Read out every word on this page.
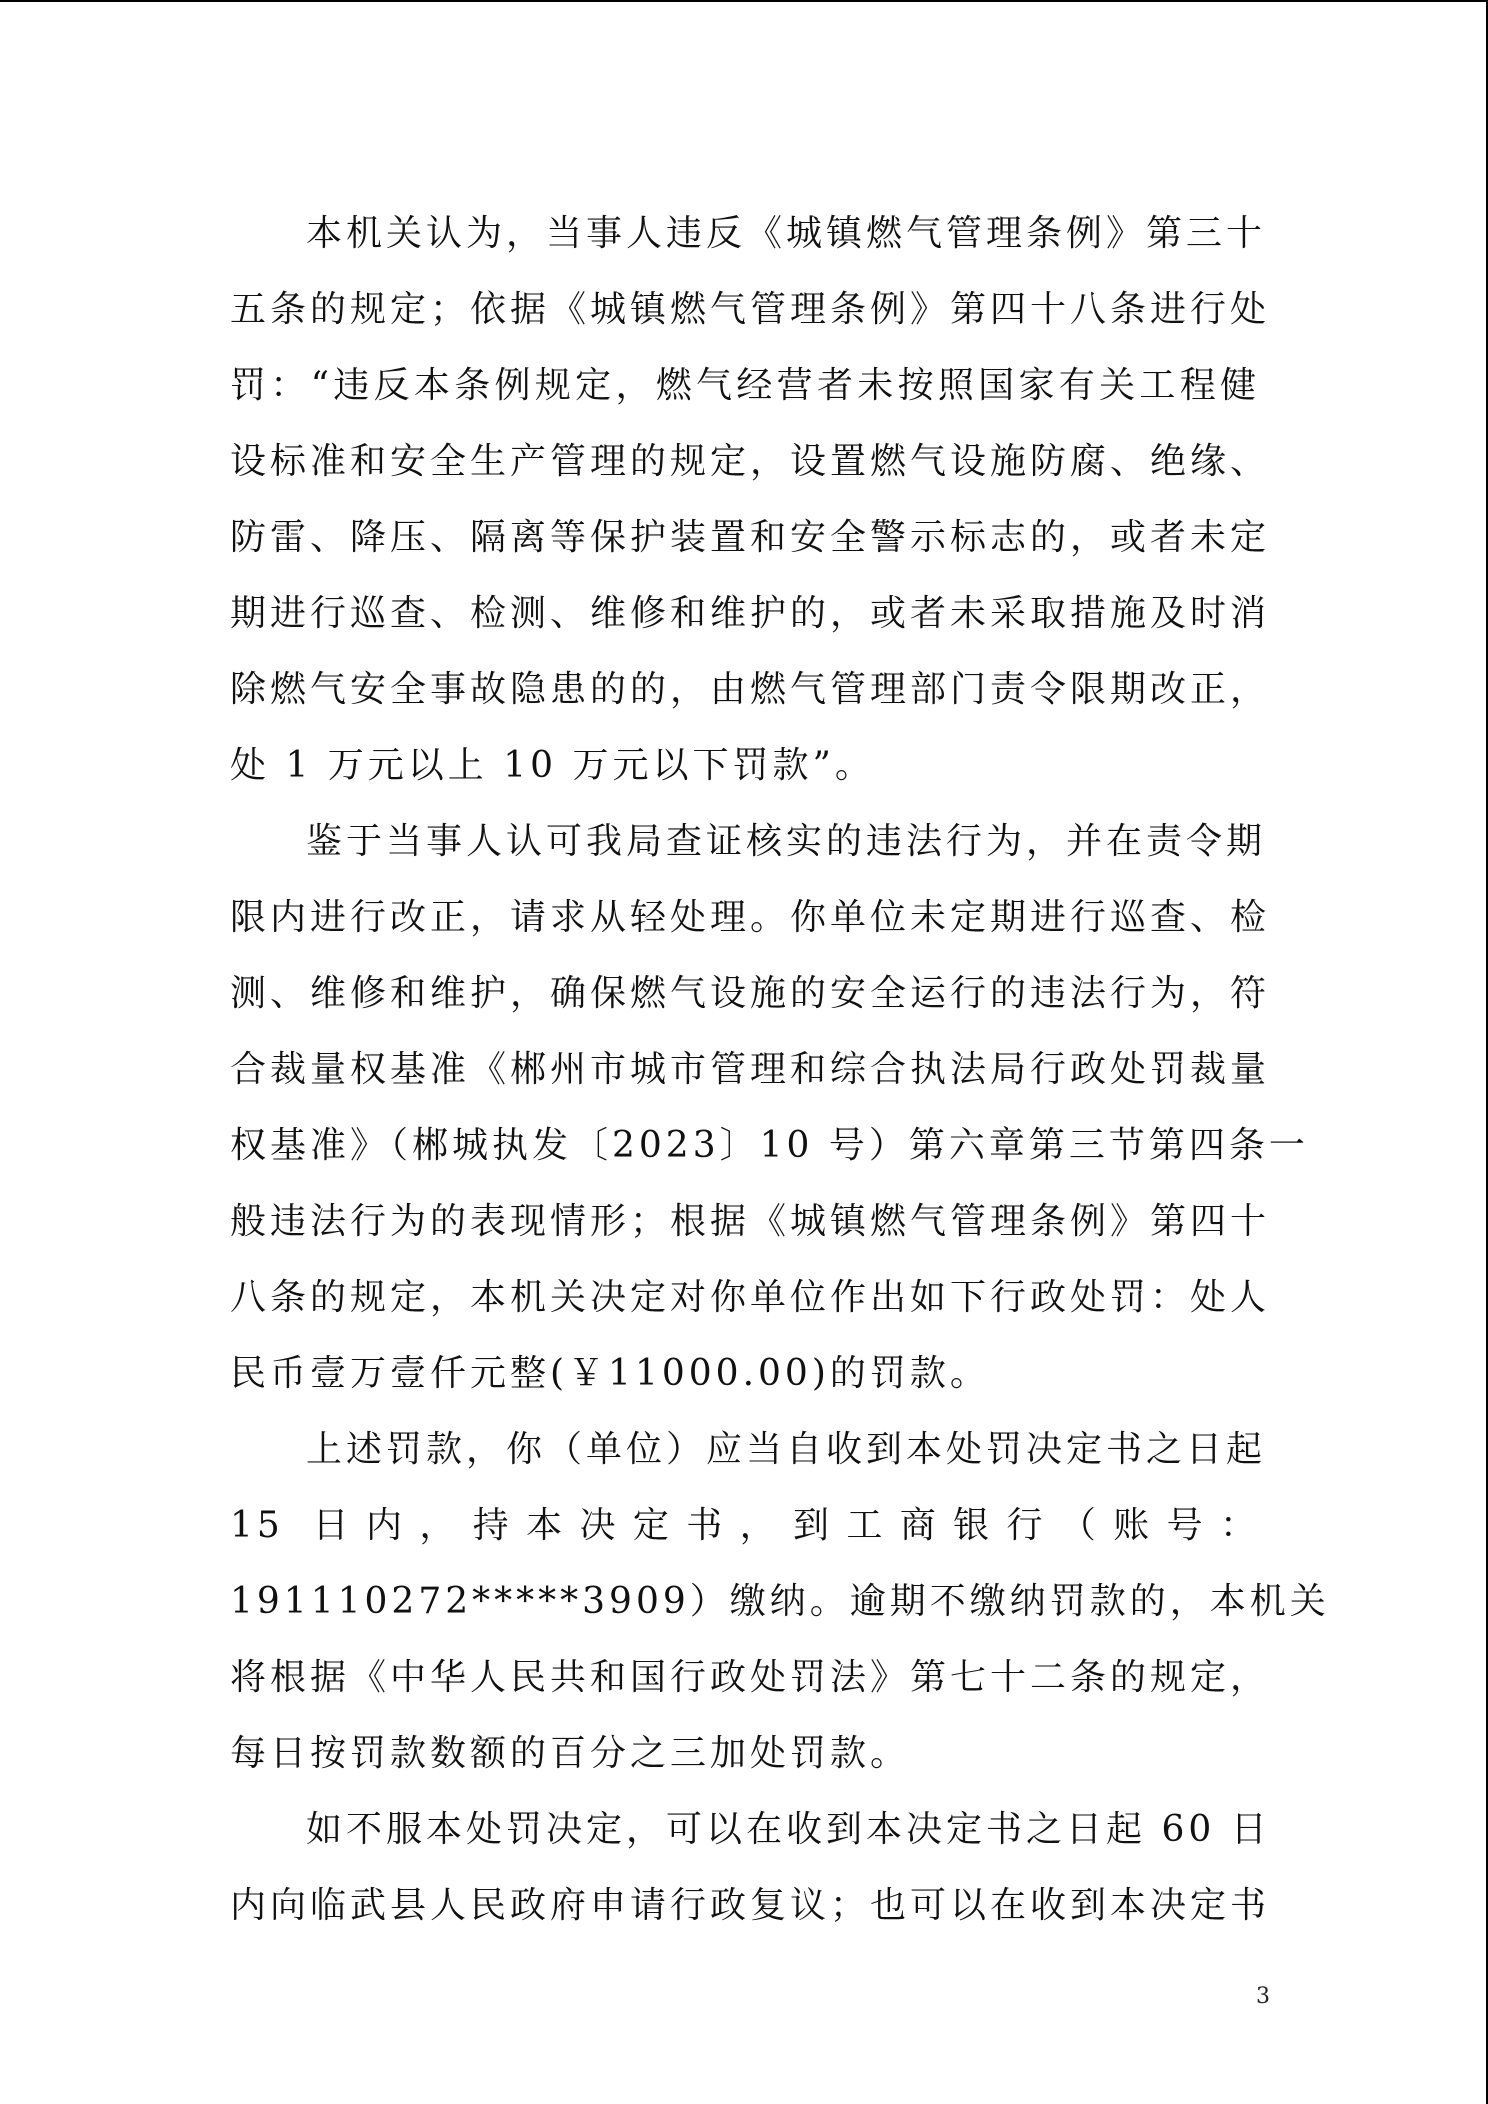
本机关认为，当事人违反《城镇燃气管理条例》第三十
五条的规定；依据《城镇燃气管理条例》第四十八条进行处
罚：“违反本条例规定，燃气经营者未按照国家有关工程健
设标准和安全生产管理的规定，设置燃气设施防腐、绝缘、
防雷、降压、隔离等保护装置和安全警示标志的，或者未定
期进行巡查、检测、维修和维护的，或者未采取措施及时消
除燃气安全事故隐患的的，由燃气管理部门责令限期改正，
处 1 万元以上 10 万元以下罚款”。
鉴于当事人认可我局查证核实的违法行为，并在责令期
限内进行改正，请求从轻处理。你单位未定期进行巡查、检
测、维修和维护，确保燃气设施的安全运行的违法行为，符
合裁量权基准《郴州市城市管理和综合执法局行政处罚裁量
权基准》（郴城执发〔2023〕10 号）第六章第三节第四条一
般违法行为的表现情形；根据《城镇燃气管理条例》第四十
八条的规定，本机关决定对你单位作出如下行政处罚：处人
民币壹万壹仟元整(￥11000.00)的罚款。
上述罚款，你（单位）应当自收到本处罚决定书之日起
15 日内，持本决定书，到工商银行（账号：
191110272*****3909）缴纳。逾期不缴纳罚款的，本机关
将根据《中华人民共和国行政处罚法》第七十二条的规定，
每日按罚款数额的百分之三加处罚款。
如不服本处罚决定，可以在收到本决定书之日起 60 日
内向临武县人民政府申请行政复议；也可以在收到本决定书
3
